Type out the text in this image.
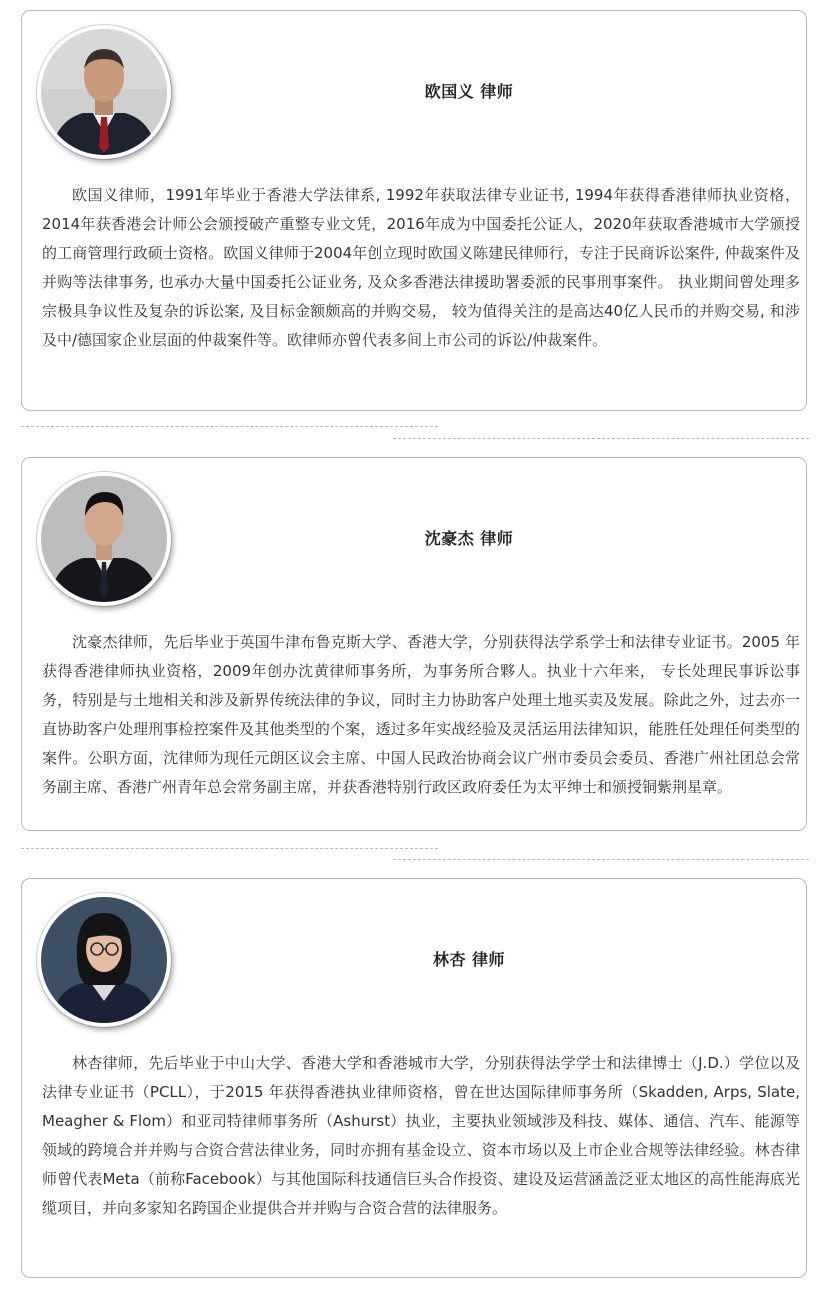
欧国义 律师

欧国义律师，1991年毕业于香港大学法律系, 1992年获取法律专业证书, 1994年获得香港律师执业资格， 2014年获香港会计师公会颁授破产重整专业文凭，2016年成为中国委托公证人，2020年获取香港城市大学颁授的工商管理行政硕士资格。欧国义律师于2004年创立现时欧国义陈建民律师行，专注于民商诉讼案件, 仲裁案件及并购等法律事务, 也承办大量中国委托公证业务, 及众多香港法律援助署委派的民事刑事案件。 执业期间曾处理多宗极具争议性及复杂的诉讼案, 及目标金额颇高的并购交易， 较为值得关注的是高达40亿人民币的并购交易, 和涉及中/德国家企业层面的仲裁案件等。欧律师亦曾代表多间上市公司的诉讼/仲裁案件。

沈豪杰 律师

沈豪杰律师，先后毕业于英国牛津布鲁克斯大学、香港大学，分别获得法学系学士和法律专业证书。2005 年获得香港律师执业资格，2009年创办沈黄律师事务所，为事务所合夥人。执业十六年来， 专长处理民事诉讼事务，特别是与土地相关和涉及新界传统法律的争议，同时主力协助客户处理土地买卖及发展。除此之外，过去亦一直协助客户处理刑事检控案件及其他类型的个案，透过多年实战经验及灵活运用法律知识，能胜任处理任何类型的案件。公职方面，沈律师为现任元朗区议会主席、中国人民政治协商会议广州市委员会委员、香港广州社团总会常务副主席、香港广州青年总会常务副主席，并获香港特别行政区政府委任为太平绅士和颁授铜紫荆星章。

林杏 律师

林杏律师，先后毕业于中山大学、香港大学和香港城市大学，分别获得法学学士和法律博士（J.D.）学位以及法律专业证书（PCLL），于2015 年获得香港执业律师资格，曾在世达国际律师事务所（Skadden, Arps, Slate, Meagher & Flom）和亚司特律师事务所（Ashurst）执业，主要执业领域涉及科技、媒体、通信、汽车、能源等领域的跨境合并并购与合资合营法律业务，同时亦拥有基金设立、资本市场以及上市企业合规等法律经验。林杏律师曾代表Meta（前称Facebook）与其他国际科技通信巨头合作投资、建设及运营涵盖泛亚太地区的高性能海底光缆项目，并向多家知名跨国企业提供合并并购与合资合营的法律服务。
